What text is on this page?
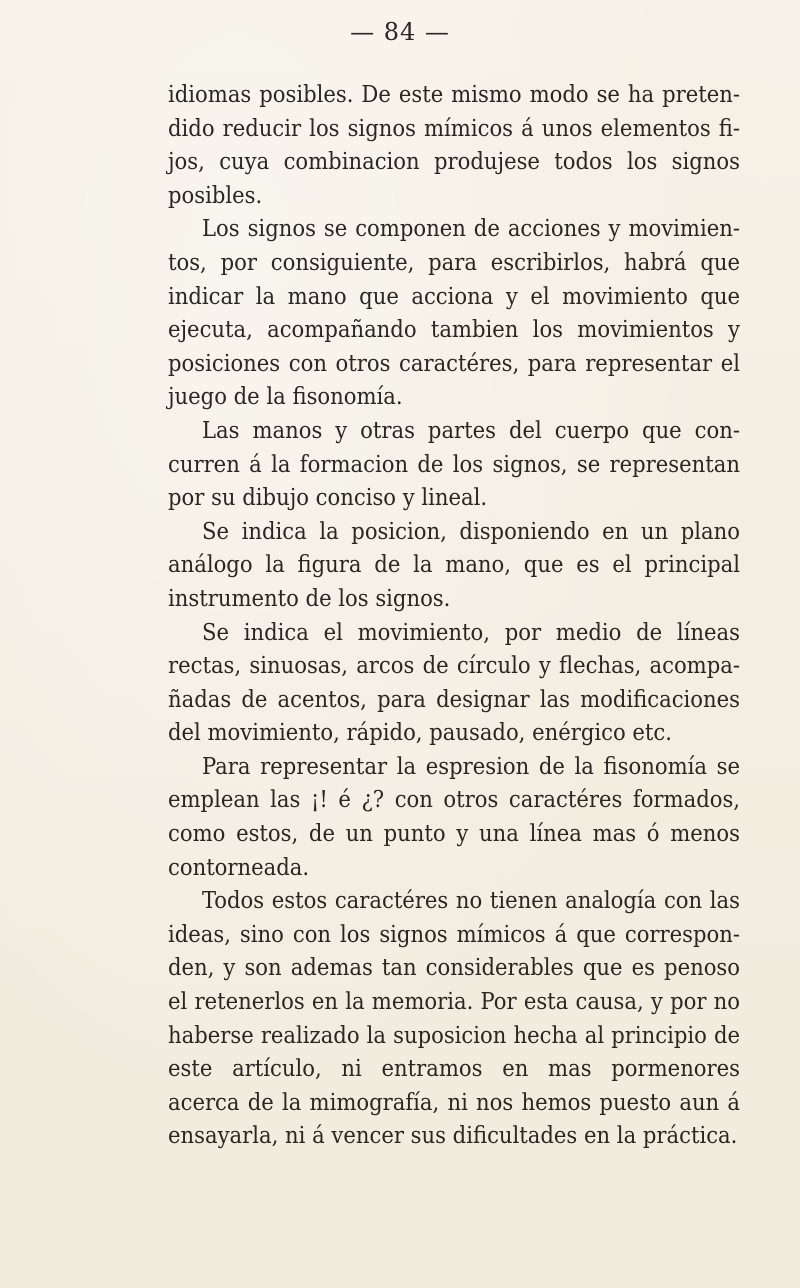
— 84 —

idiomas posibles. De este mismo modo se ha preten-dido reducir los signos mímicos á unos elementos fi-jos, cuya combinacion produjese todos los signos posibles.

Los signos se componen de acciones y movimien-tos, por consiguiente, para escribirlos, habrá que indicar la mano que acciona y el movimiento que ejecuta, acompañando tambien los movimientos y posiciones con otros caractéres, para representar el juego de la fisonomía.

Las manos y otras partes del cuerpo que con-curren á la formacion de los signos, se representan por su dibujo conciso y lineal.

Se indica la posicion, disponiendo en un plano análogo la figura de la mano, que es el principal instrumento de los signos.

Se indica el movimiento, por medio de líneas rectas, sinuosas, arcos de círculo y flechas, acompa-ñadas de acentos, para designar las modificaciones del movimiento, rápido, pausado, enérgico etc.

Para representar la espresion de la fisonomía se emplean las ¡! é ¿? con otros caractéres formados, como estos, de un punto y una línea mas ó menos contorneada.

Todos estos caractéres no tienen analogía con las ideas, sino con los signos mímicos á que correspon-den, y son ademas tan considerables que es penoso el retenerlos en la memoria. Por esta causa, y por no haberse realizado la suposicion hecha al principio de este artículo, ni entramos en mas pormenores acerca de la mimografía, ni nos hemos puesto aun á ensayarla, ni á vencer sus dificultades en la práctica.
